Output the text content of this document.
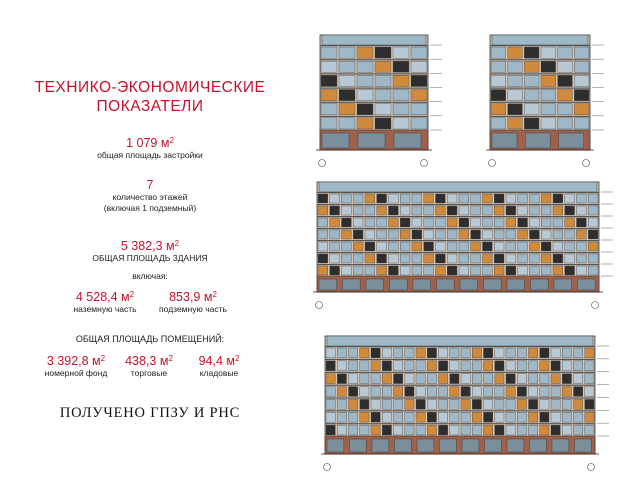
ТЕХНИКО-ЭКОНОМИЧЕСКИЕ
ПОКАЗАТЕЛИ
1 079 $м^2$
общая площадь застройки
7
количество этажей
(включая 1 подземный)
5 382,3 $м^2$
ОБЩАЯ ПЛОЩАДЬ ЗДАНИЯ
включая:
4 528,4 $м^2$
наземную часть
853,9 $м^2$
подземную часть
ОБЩАЯ ПЛОЩАДЬ ПОМЕЩЕНИЙ:
3 392,8 $м^2$
номерной фонд
438,3 $м^2$
торговые
94,4 $м^2$
кладовые
ПОЛУЧЕНО ГПЗУ И РНС
